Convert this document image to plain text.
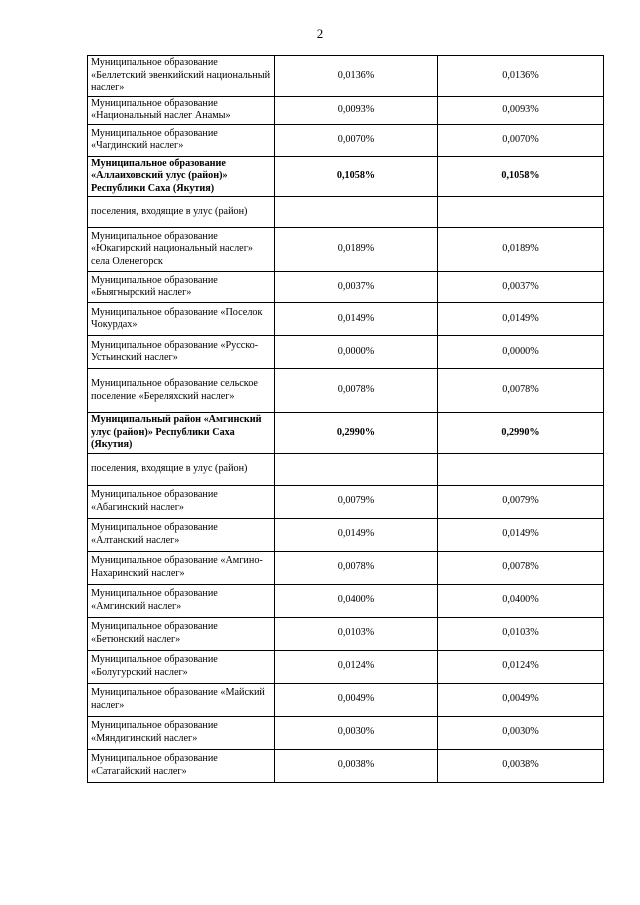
2
Муниципальное образование «Беллетский эвенкийский национальный наслег»	0,0136%	0,0136%
Муниципальное образование «Национальный наслег Анамы»	0,0093%	0,0093%
Муниципальное образование «Чагдинский наслег»	0,0070%	0,0070%
Муниципальное образование «Аллаиховский улус (район)» Республики Саха (Якутия)	0,1058%	0,1058%
поселения, входящие в улус (район)		
Муниципальное образование «Юкагирский национальный наслег» села Оленегорск	0,0189%	0,0189%
Муниципальное образование «Быягнырский наслег»	0,0037%	0,0037%
Муниципальное образование «Поселок Чокурдах»	0,0149%	0,0149%
Муниципальное образование «Русско-Устьинский наслег»	0,0000%	0,0000%
Муниципальное образование сельское поселение «Береляхский наслег»	0,0078%	0,0078%
Муниципальный район «Амгинский улус (район)» Республики Саха (Якутия)	0,2990%	0,2990%
поселения, входящие в улус (район)		
Муниципальное образование «Абагинский наслег»	0,0079%	0,0079%
Муниципальное образование «Алтанский наслег»	0,0149%	0,0149%
Муниципальное образование «Амгино-Нахаринский наслег»	0,0078%	0,0078%
Муниципальное образование «Амгинский наслег»	0,0400%	0,0400%
Муниципальное образование «Бетюнский наслег»	0,0103%	0,0103%
Муниципальное образование «Болугурский наслег»	0,0124%	0,0124%
Муниципальное образование «Майский наслег»	0,0049%	0,0049%
Муниципальное образование «Мяндигинский наслег»	0,0030%	0,0030%
Муниципальное образование «Сатагайский наслег»	0,0038%	0,0038%
